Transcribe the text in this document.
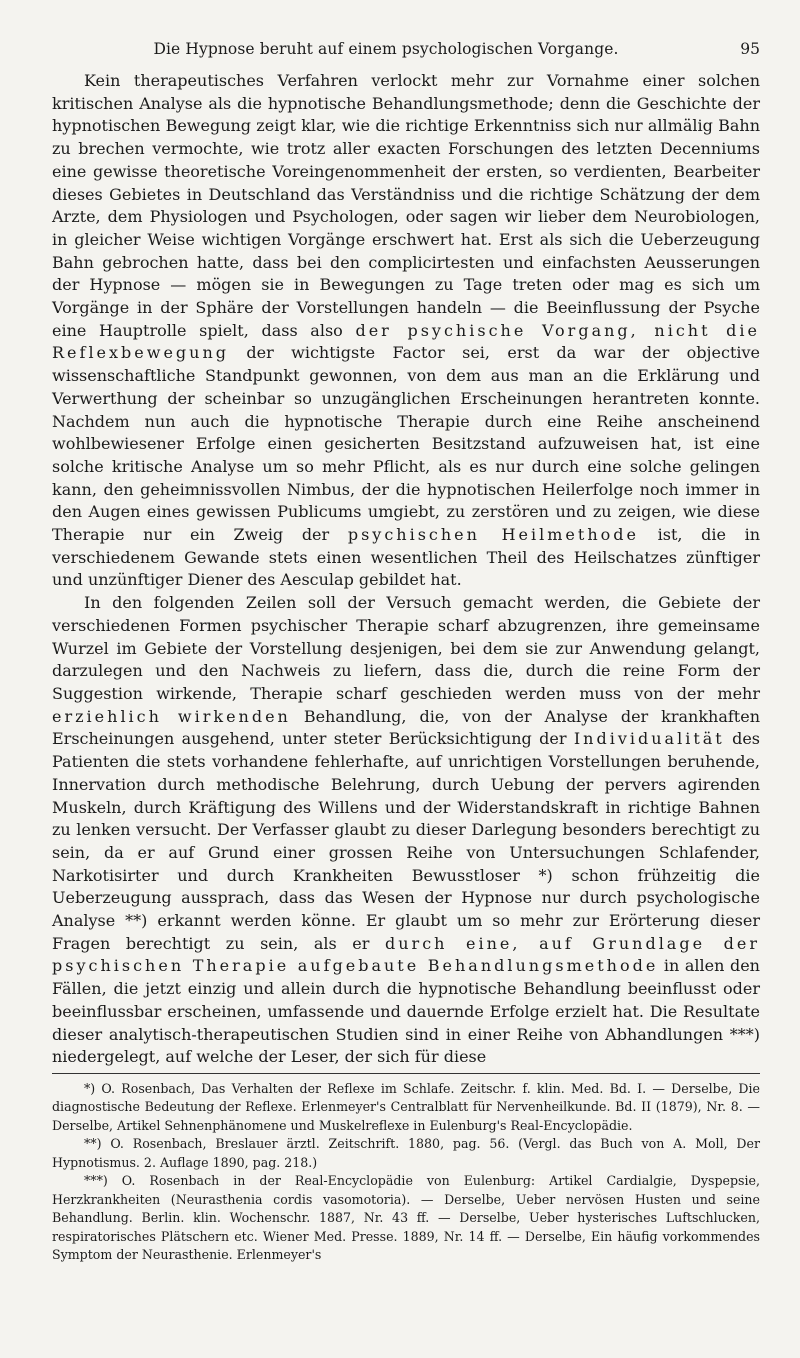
Die Hypnose beruht auf einem psychologischen Vorgange.	95

Kein therapeutisches Verfahren verlockt mehr zur Vornahme einer solchen kritischen Analyse als die hypnotische Behandlungsmethode; denn die Geschichte der hypnotischen Bewegung zeigt klar, wie die richtige Erkenntniss sich nur allmälig Bahn zu brechen vermochte, wie trotz aller exacten Forschungen des letzten Decenniums eine gewisse theoretische Voreingenommenheit der ersten, so verdienten, Bearbeiter dieses Gebietes in Deutschland das Verständniss und die richtige Schätzung der dem Arzte, dem Physiologen und Psychologen, oder sagen wir lieber dem Neurobiologen, in gleicher Weise wichtigen Vorgänge erschwert hat. Erst als sich die Ueberzeugung Bahn gebrochen hatte, dass bei den complicirtesten und einfachsten Aeusserungen der Hypnose — mögen sie in Bewegungen zu Tage treten oder mag es sich um Vorgänge in der Sphäre der Vorstellungen handeln — die Beeinflussung der Psyche eine Hauptrolle spielt, dass also der psychische Vorgang, nicht die Reflexbewegung der wichtigste Factor sei, erst da war der objective wissenschaftliche Standpunkt gewonnen, von dem aus man an die Erklärung und Verwerthung der scheinbar so unzugänglichen Erscheinungen herantreten konnte. Nachdem nun auch die hypnotische Therapie durch eine Reihe anscheinend wohlbewiesener Erfolge einen gesicherten Besitzstand aufzuweisen hat, ist eine solche kritische Analyse um so mehr Pflicht, als es nur durch eine solche gelingen kann, den geheimnissvollen Nimbus, der die hypnotischen Heilerfolge noch immer in den Augen eines gewissen Publicums umgiebt, zu zerstören und zu zeigen, wie diese Therapie nur ein Zweig der psychischen Heilmethode ist, die in verschiedenem Gewande stets einen wesentlichen Theil des Heilschatzes zünftiger und unzünftiger Diener des Aesculap gebildet hat.

In den folgenden Zeilen soll der Versuch gemacht werden, die Gebiete der verschiedenen Formen psychischer Therapie scharf abzugrenzen, ihre gemeinsame Wurzel im Gebiete der Vorstellung desjenigen, bei dem sie zur Anwendung gelangt, darzulegen und den Nachweis zu liefern, dass die, durch die reine Form der Suggestion wirkende, Therapie scharf geschieden werden muss von der mehr erziehlich wirkenden Behandlung, die, von der Analyse der krankhaften Erscheinungen ausgehend, unter steter Berücksichtigung der Individualität des Patienten die stets vorhandene fehlerhafte, auf unrichtigen Vorstellungen beruhende, Innervation durch methodische Belehrung, durch Uebung der pervers agirenden Muskeln, durch Kräftigung des Willens und der Widerstandskraft in richtige Bahnen zu lenken versucht. Der Verfasser glaubt zu dieser Darlegung besonders berechtigt zu sein, da er auf Grund einer grossen Reihe von Untersuchungen Schlafender, Narkotisirter und durch Krankheiten Bewusstloser *) schon frühzeitig die Ueberzeugung aussprach, dass das Wesen der Hypnose nur durch psychologische Analyse **) erkannt werden könne. Er glaubt um so mehr zur Erörterung dieser Fragen berechtigt zu sein, als er durch eine, auf Grundlage der psychischen Therapie aufgebaute Behandlungsmethode in allen den Fällen, die jetzt einzig und allein durch die hypnotische Behandlung beeinflusst oder beeinflussbar erscheinen, umfassende und dauernde Erfolge erzielt hat. Die Resultate dieser analytisch-therapeutischen Studien sind in einer Reihe von Abhandlungen ***) niedergelegt, auf welche der Leser, der sich für diese

*) O. Rosenbach, Das Verhalten der Reflexe im Schlafe. Zeitschr. f. klin. Med. Bd. I. — Derselbe, Die diagnostische Bedeutung der Reflexe. Erlenmeyer's Centralblatt für Nervenheilkunde. Bd. II (1879), Nr. 8. — Derselbe, Artikel Sehnenphänomene und Muskelreflexe in Eulenburg's Real-Encyclopädie.

**) O. Rosenbach, Breslauer ärztl. Zeitschrift. 1880, pag. 56. (Vergl. das Buch von A. Moll, Der Hypnotismus. 2. Auflage 1890, pag. 218.)

***) O. Rosenbach in der Real-Encyclopädie von Eulenburg: Artikel Cardialgie, Dyspepsie, Herzkrankheiten (Neurasthenia cordis vasomotoria). — Derselbe, Ueber nervösen Husten und seine Behandlung. Berlin. klin. Wochenschr. 1887, Nr. 43 ff. — Derselbe, Ueber hysterisches Luftschlucken, respiratorisches Plätschern etc. Wiener Med. Presse. 1889, Nr. 14 ff. — Derselbe, Ein häufig vorkommendes Symptom der Neurasthenie. Erlenmeyer's
